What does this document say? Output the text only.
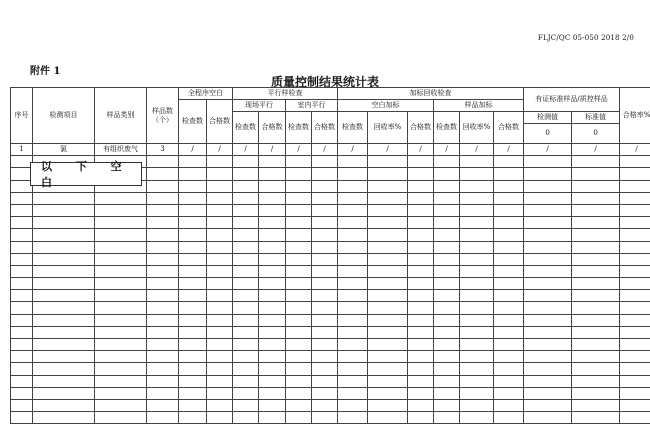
FLJC/QC 05-050 2018 2/0
附件 1
质量控制结果统计表
序号	检测项目	样品类别	样品数（个）	全程序空白		平行样检查				加标回收检查						有证标准样品/质控样品		合格率%
				检查数	合格数	现场平行		室内平行		空白加标			样品加标					
						检查数	合格数	检查数	合格数	检查数	回收率%	合格数	检查数	回收率%	合格数	检测值	标准值	
																0	0	
1	氯	有组织废气	3	/	/	/	/	/	/	/	/	/	/	/	/	/	/	/

以 下 空 白
